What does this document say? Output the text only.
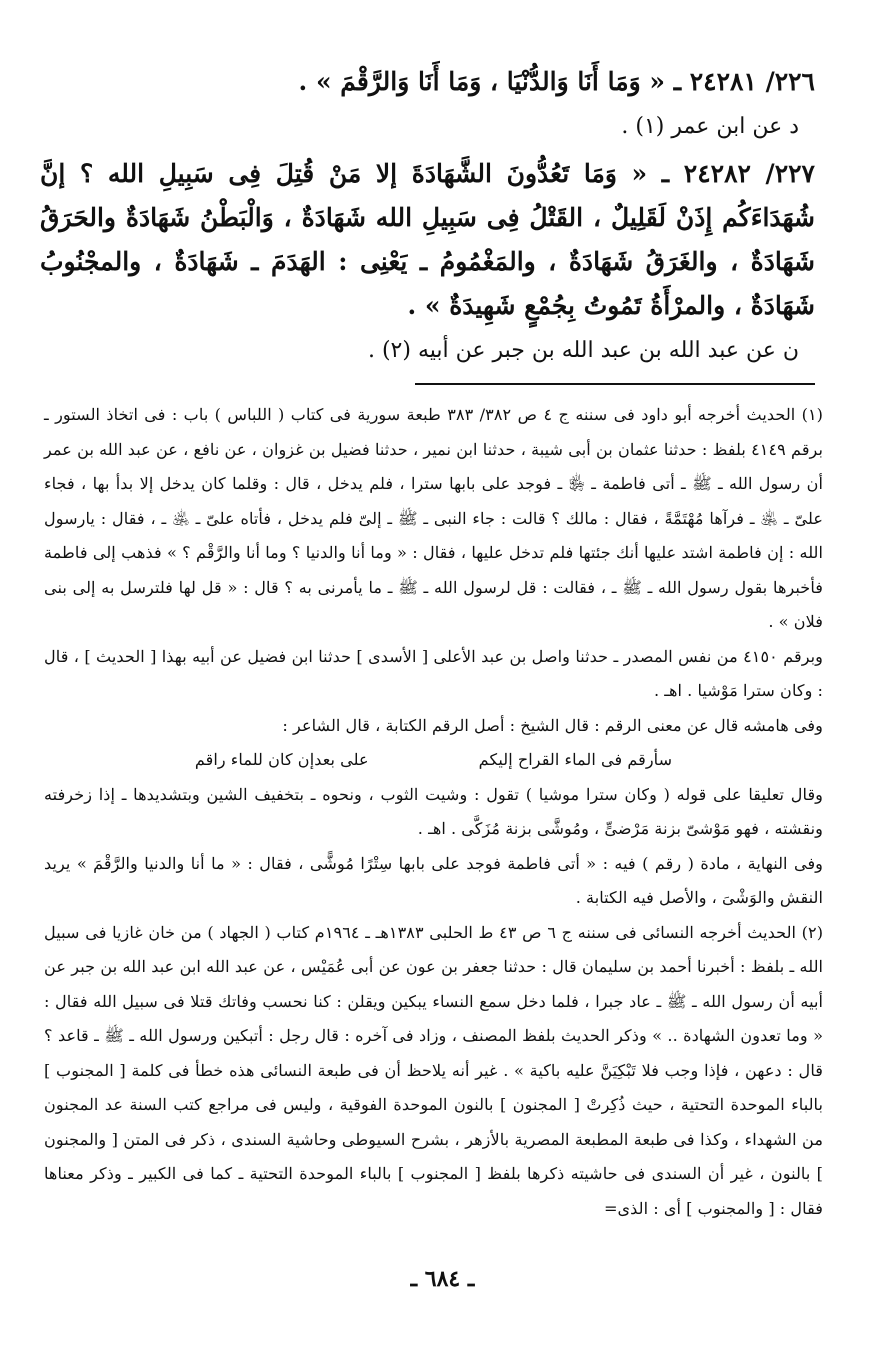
٢٢٦/ ٢٤٢٨١ ـ « وَمَا أَنَا وَالدُّنْيَا ، وَمَا أَنَا وَالرَّقْمَ » .

د عن ابن عمر (١) .

٢٢٧/ ٢٤٢٨٢ ـ « وَمَا تَعُدُّونَ الشَّهَادَةَ إلا مَنْ قُتِلَ فِى سَبِيلِ الله ؟ إنَّ شُهَدَاءَكُم إِذَنْ لَقَلِيلٌ ، القَتْلُ فِى سَبِيلِ الله شَهَادَةٌ ، وَالْبَطْنُ شَهَادَةٌ والحَرَقُ شَهَادَةٌ ، والغَرَقُ شَهَادَةٌ ، والمَغْمُومُ ـ يَعْنِى : الهَدَمَ ـ شَهَادَةٌ ، والمجْنُوبُ شَهَادَةٌ ، والمرْأَةُ تَمُوتُ بِجُمْعٍ شَهِيدَةٌ » .

ن عن عبد الله بن عبد الله بن جبر عن أبيه (٢) .

(١) الحديث أخرجه أبو داود فى سننه ج ٤ ص ٣٨٢/ ٣٨٣ طبعة سورية فى كتاب ( اللباس ) باب : فى اتخاذ الستور ـ برقم ٤١٤٩ بلفظ : حدثنا عثمان بن أبى شيبة ، حدثنا ابن نمير ، حدثنا فضيل بن غزوان ، عن نافع ، عن عبد الله بن عمر أن رسول الله ـ ﷺ ـ أتى فاطمة ـ ﵂ ـ فوجد على بابها سترا ، فلم يدخل ، قال : وقلما كان يدخل إلا بدأ بها ، فجاء علىّ ـ ﵁ ـ فرآها مُهْتَمَّةً ، فقال : مالك ؟ قالت : جاء النبى ـ ﷺ ـ إلىّ فلم يدخل ، فأتاه علىّ ـ ﵁ ـ ، فقال : يارسول الله : إن فاطمة اشتد عليها أنك جئتها فلم تدخل عليها ، فقال : « وما أنا والدنيا ؟ وما أنا والرَّقْم ؟ » فذهب إلى فاطمة فأخبرها بقول رسول الله ـ ﷺ ـ ، فقالت : قل لرسول الله ـ ﷺ ـ ما يأمرنى به ؟ قال : « قل لها فلترسل به إلى بنى فلان » .

وبرقم ٤١٥٠ من نفس المصدر ـ حدثنا واصل بن عبد الأعلى [ الأسدى ] حدثنا ابن فضيل عن أبيه بهذا [ الحديث ] ، قال : وكان سترا مَوْشيا . اهـ .

وفى هامشه قال عن معنى الرقم : قال الشيخ : أصل الرقم الكتابة ، قال الشاعر :

سأرقم فى الماء القراح إليكم
على بعدإن كان للماء راقم

وقال تعليقا على قوله ( وكان سترا موشيا ) تقول : وشيت الثوب ، ونحوه ـ بتخفيف الشين وبتشديدها ـ إذا زخرفته ونقشته ، فهو مَوْشىّ بزنة مَرْضىٍّ ، ومُوشَّى بزنة مُزَكَّى . اهـ .

وفى النهاية ، مادة ( رقم ) فيه : « أتى فاطمة فوجد على بابها سِتْرًا مُوشًّى ، فقال : « ما أنا والدنيا والرَّقْمَ » يريد النقش والوَشْىَ ، والأصل فيه الكتابة .

(٢) الحديث أخرجه النسائى فى سننه ج ٦ ص ٤٣ ط الحلبى ١٣٨٣هـ ـ ١٩٦٤م كتاب ( الجهاد ) من خان غازيا فى سبيل الله ـ بلفظ : أخبرنا أحمد بن سليمان قال : حدثنا جعفر بن عون عن أبى عُمَيْس ، عن عبد الله ابن عبد الله بن جبر عن أبيه أن رسول الله ـ ﷺ ـ عاد جبرا ، فلما دخل سمع النساء يبكين ويقلن : كنا نحسب وفاتك قتلا فى سبيل الله فقال : « وما تعدون الشهادة .. » وذكر الحديث بلفظ المصنف ، وزاد فى آخره : قال رجل : أتبكين ورسول الله ـ ﷺ ـ قاعد ؟ قال : دعهن ، فإذا وجب فلا تَبْكِيَنَّ عليه باكية » . غير أنه يلاحظ أن فى طبعة النسائى هذه خطأ فى كلمة [ المجنوب ] بالباء الموحدة التحتية ، حيث ذُكِرتْ [ المجنون ] بالنون الموحدة الفوقية ، وليس فى مراجع كتب السنة عد المجنون من الشهداء ، وكذا فى طبعة المطبعة المصرية بالأزهر ، بشرح السيوطى وحاشية السندى ، ذكر فى المتن [ والمجنون ] بالنون ، غير أن السندى فى حاشيته ذكرها بلفظ [ المجنوب ] بالباء الموحدة التحتية ـ كما فى الكبير ـ وذكر معناها فقال : [ والمجنوب ] أى : الذى=

ـ ٦٨٤ ـ
